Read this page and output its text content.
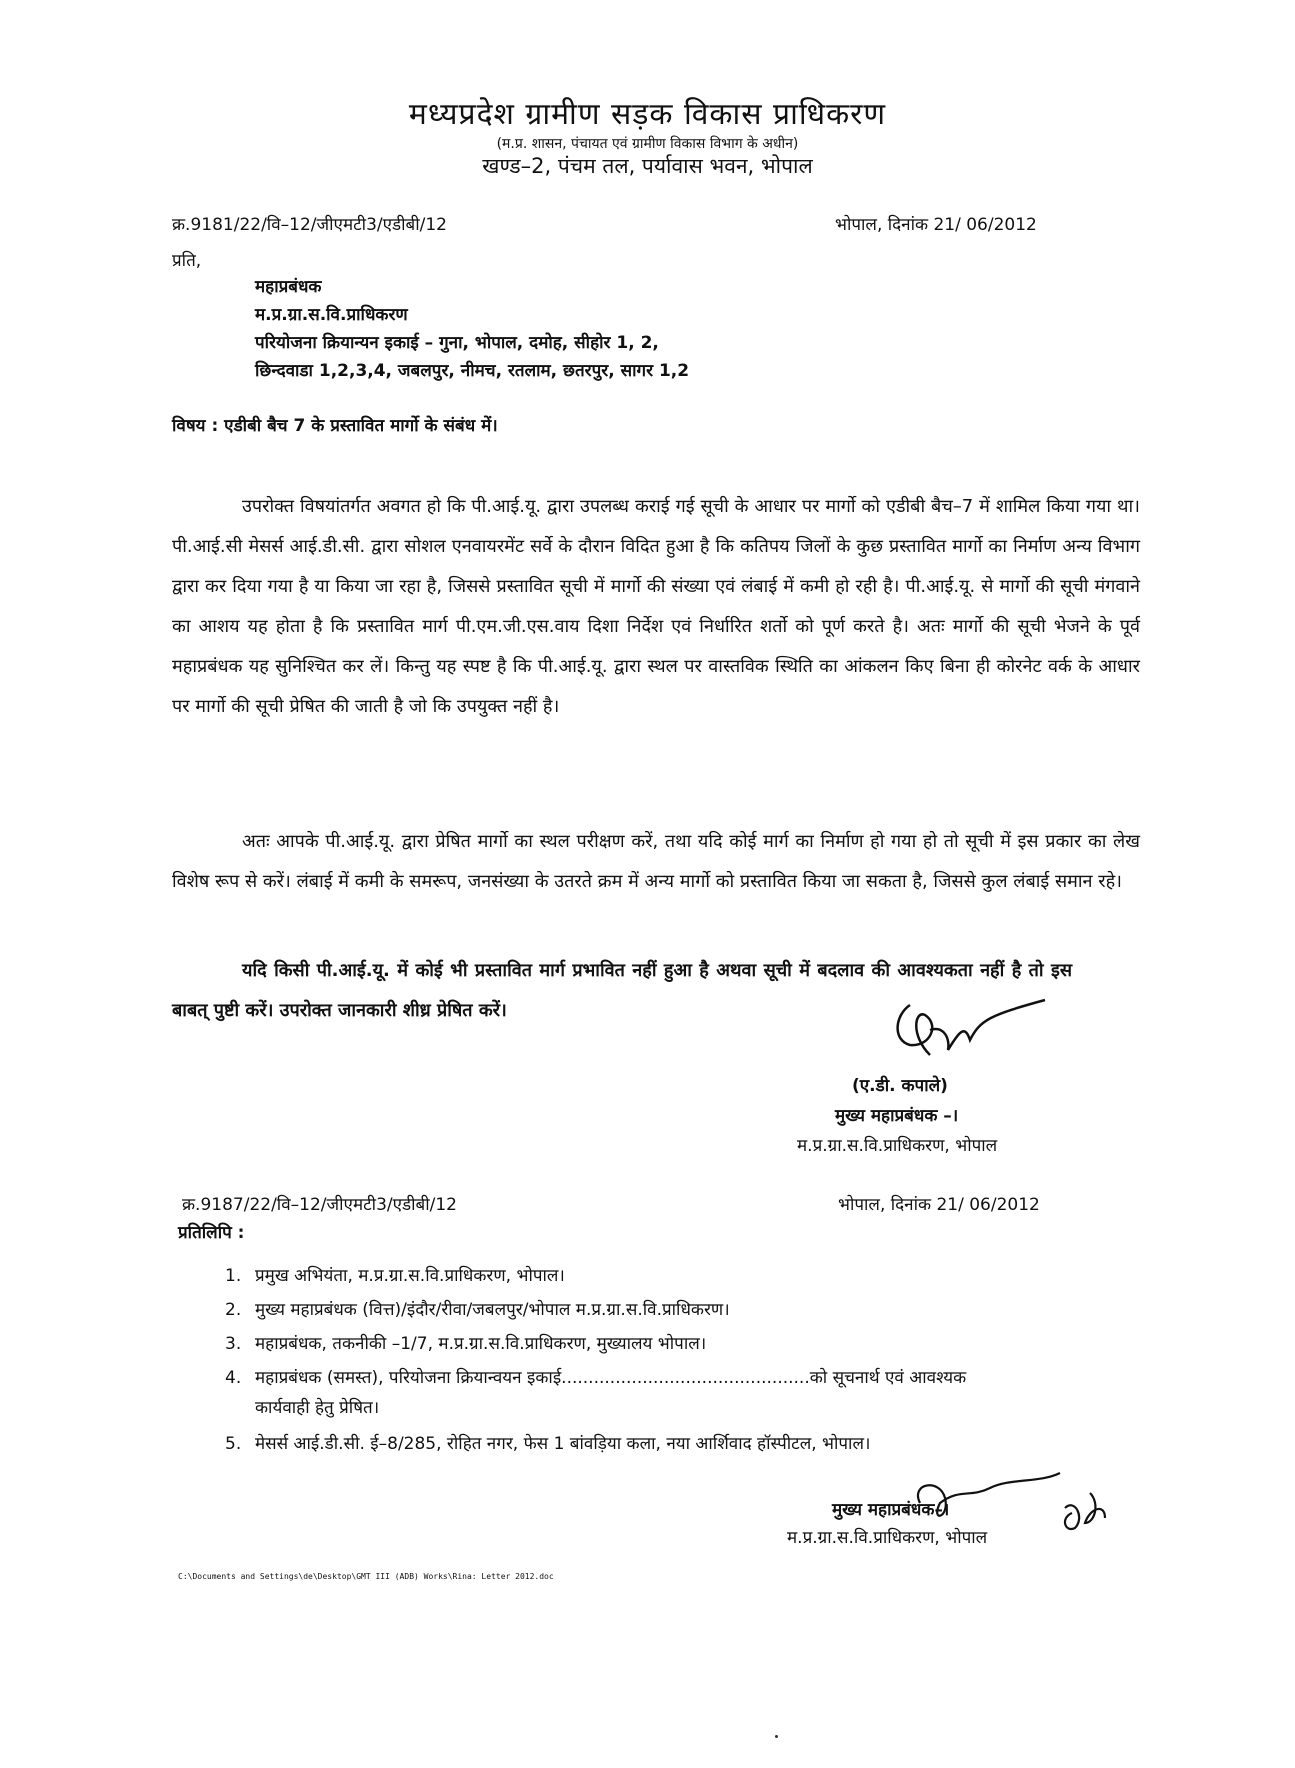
मध्यप्रदेश ग्रामीण सड़क विकास प्राधिकरण
(म.प्र. शासन, पंचायत एवं ग्रामीण विकास विभाग के अधीन)
खण्ड–2, पंचम तल, पर्यावास भवन, भोपाल
क्र.9181/22/वि–12/जीएमटी3/एडीबी/12	भोपाल, दिनांक 21/ 06/2012
प्रति,
महाप्रबंधक
म.प्र.ग्रा.स.वि.प्राधिकरण
परियोजना क्रियान्यन इकाई – गुना, भोपाल, दमोह, सीहोर 1, 2,
छिन्दवाडा 1,2,3,4, जबलपुर, नीमच, रतलाम, छतरपुर, सागर 1,2
विषय : एडीबी बैच 7 के प्रस्तावित मार्गो के संबंध में।
उपरोक्त विषयांतर्गत अवगत हो कि पी.आई.यू. द्वारा उपलब्ध कराई गई सूची के आधार पर मार्गो को एडीबी बैच–7 में शामिल किया गया था। पी.आई.सी मेसर्स आई.डी.सी. द्वारा सोशल एनवायरमेंट सर्वे के दौरान विदित हुआ है कि कतिपय जिलों के कुछ प्रस्तावित मार्गो का निर्माण अन्य विभाग द्वारा कर दिया गया है या किया जा रहा है, जिससे प्रस्तावित सूची में मार्गो की संख्या एवं लंबाई में कमी हो रही है। पी.आई.यू. से मार्गो की सूची मंगवाने का आशय यह होता है कि प्रस्तावित मार्ग पी.एम.जी.एस.वाय दिशा निर्देश एवं निर्धारित शर्तो को पूर्ण करते है। अतः मार्गो की सूची भेजने के पूर्व महाप्रबंधक यह सुनिश्चित कर लें। किन्तु यह स्पष्ट है कि पी.आई.यू. द्वारा स्थल पर वास्तविक स्थिति का आंकलन किए बिना ही कोरनेट वर्क के आधार पर मार्गो की सूची प्रेषित की जाती है जो कि उपयुक्त नहीं है।
अतः आपके पी.आई.यू. द्वारा प्रेषित मार्गो का स्थल परीक्षण करें, तथा यदि कोई मार्ग का निर्माण हो गया हो तो सूची में इस प्रकार का लेख विशेष रूप से करें। लंबाई में कमी के समरूप, जनसंख्या के उतरते क्रम में अन्य मार्गो को प्रस्तावित किया जा सकता है, जिससे कुल लंबाई समान रहे।
यदि किसी पी.आई.यू. में कोई भी प्रस्तावित मार्ग प्रभावित नहीं हुआ है अथवा सूची में बदलाव की आवश्यकता नहीं है तो इस बाबत् पुष्टी करें। उपरोक्त जानकारी शीध्र प्रेषित करें।
(ए.डी. कपाले)
मुख्य महाप्रबंधक –।
म.प्र.ग्रा.स.वि.प्राधिकरण, भोपाल
क्र.9187/22/वि–12/जीएमटी3/एडीबी/12	भोपाल, दिनांक 21/ 06/2012
प्रतिलिपि :
1. प्रमुख अभियंता, म.प्र.ग्रा.स.वि.प्राधिकरण, भोपाल।
2. मुख्य महाप्रबंधक (वित्त)/इंदौर/रीवा/जबलपुर/भोपाल म.प्र.ग्रा.स.वि.प्राधिकरण।
3. महाप्रबंधक, तकनीकी –1/7, म.प्र.ग्रा.स.वि.प्राधिकरण, मुख्यालय भोपाल।
4. महाप्रबंधक (समस्त), परियोजना क्रियान्वयन इकाई..............................................को सूचनार्थ एवं आवश्यक
कार्यवाही हेतु प्रेषित।
5. मेसर्स आई.डी.सी. ई–8/285, रोहित नगर, फेस 1 बांवड़िया कला, नया आर्शिवाद हॉस्पीटल, भोपाल।
मुख्य महाप्रबंधक–।
म.प्र.ग्रा.स.वि.प्राधिकरण, भोपाल
C:\Documents and Settings\de\Desktop\GMT III (ADB) Works\Rina: Letter 2012.doc
